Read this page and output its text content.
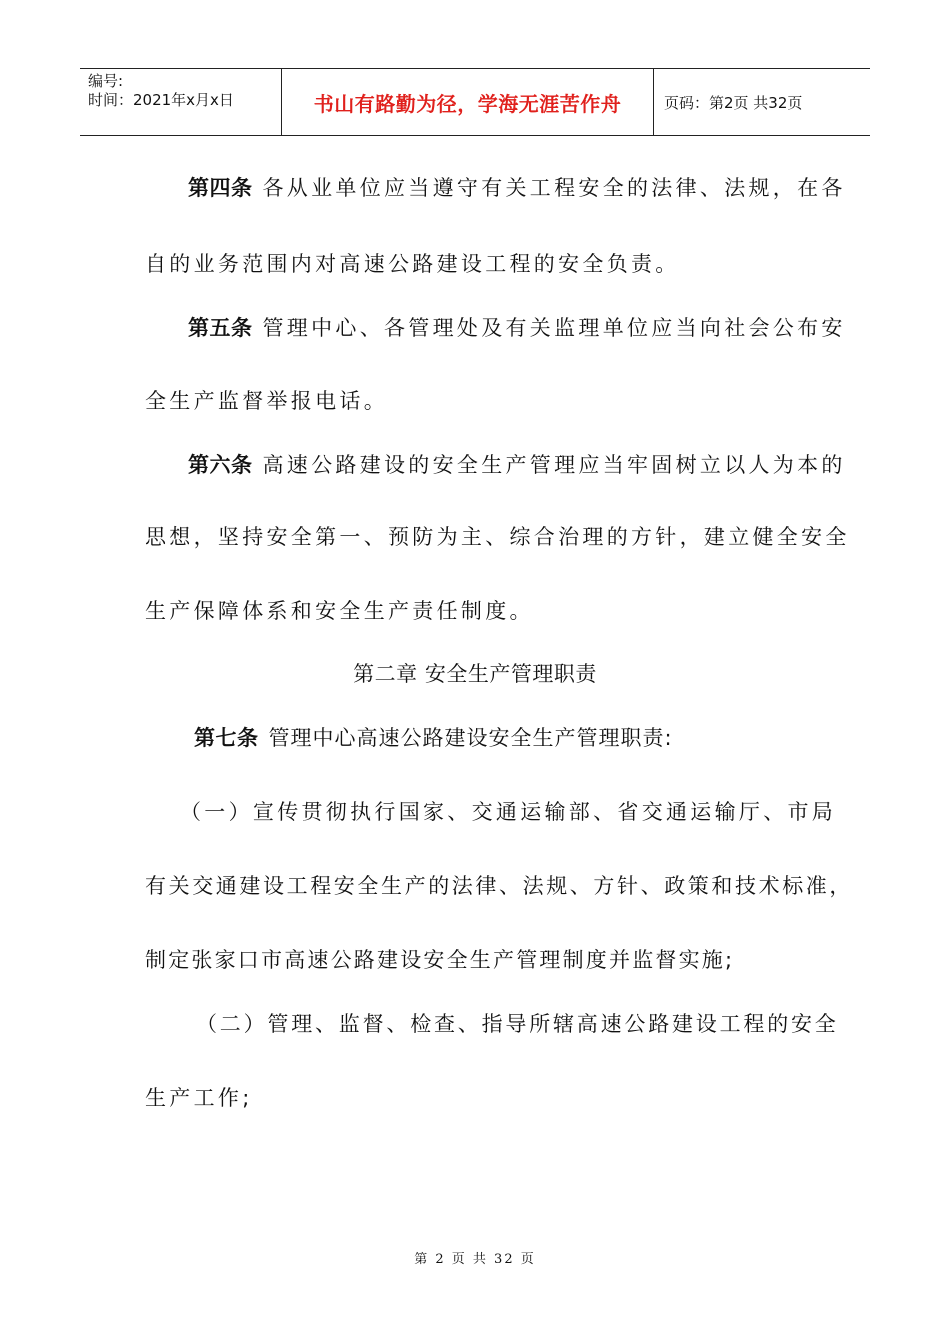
编号:
时间：2021年x月x日	书山有路勤为径，学海无涯苦作舟	页码：第2页 共32页
第四条 各从业单位应当遵守有关工程安全的法律、法规，在各
自的业务范围内对高速公路建设工程的安全负责。
第五条 管理中心、各管理处及有关监理单位应当向社会公布安
全生产监督举报电话。
第六条 高速公路建设的安全生产管理应当牢固树立以人为本的
思想，坚持安全第一、预防为主、综合治理的方针，建立健全安全
生产保障体系和安全生产责任制度。
第二章 安全生产管理职责
第七条 管理中心高速公路建设安全生产管理职责:
（一）宣传贯彻执行国家、交通运输部、省交通运输厅、市局
有关交通建设工程安全生产的法律、法规、方针、政策和技术标准，
制定张家口市高速公路建设安全生产管理制度并监督实施;
（二）管理、监督、检查、指导所辖高速公路建设工程的安全
生产工作;
第 2 页 共 32 页
